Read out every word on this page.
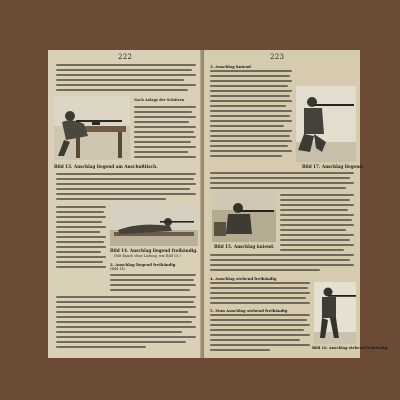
222
Nach Anlage der Schützen
Bild 13. Anschlag liegend am Anschußtisch.
Bild 14. Anschlag liegend freihändig.
(Mit Rauch ohne Ladung, wie Bild 15.)
2. Anschlag liegend freihändig
(Bild 14)
223
3. Anschlag kniend
Bild 17. Anschlag liegend.
Bild 15. Anschlag kniend.
4. Anschlag stehend freihändig
5. Zum Anschlag stehend freihändig
Bild 16. Anschlag stehend freihändig.
